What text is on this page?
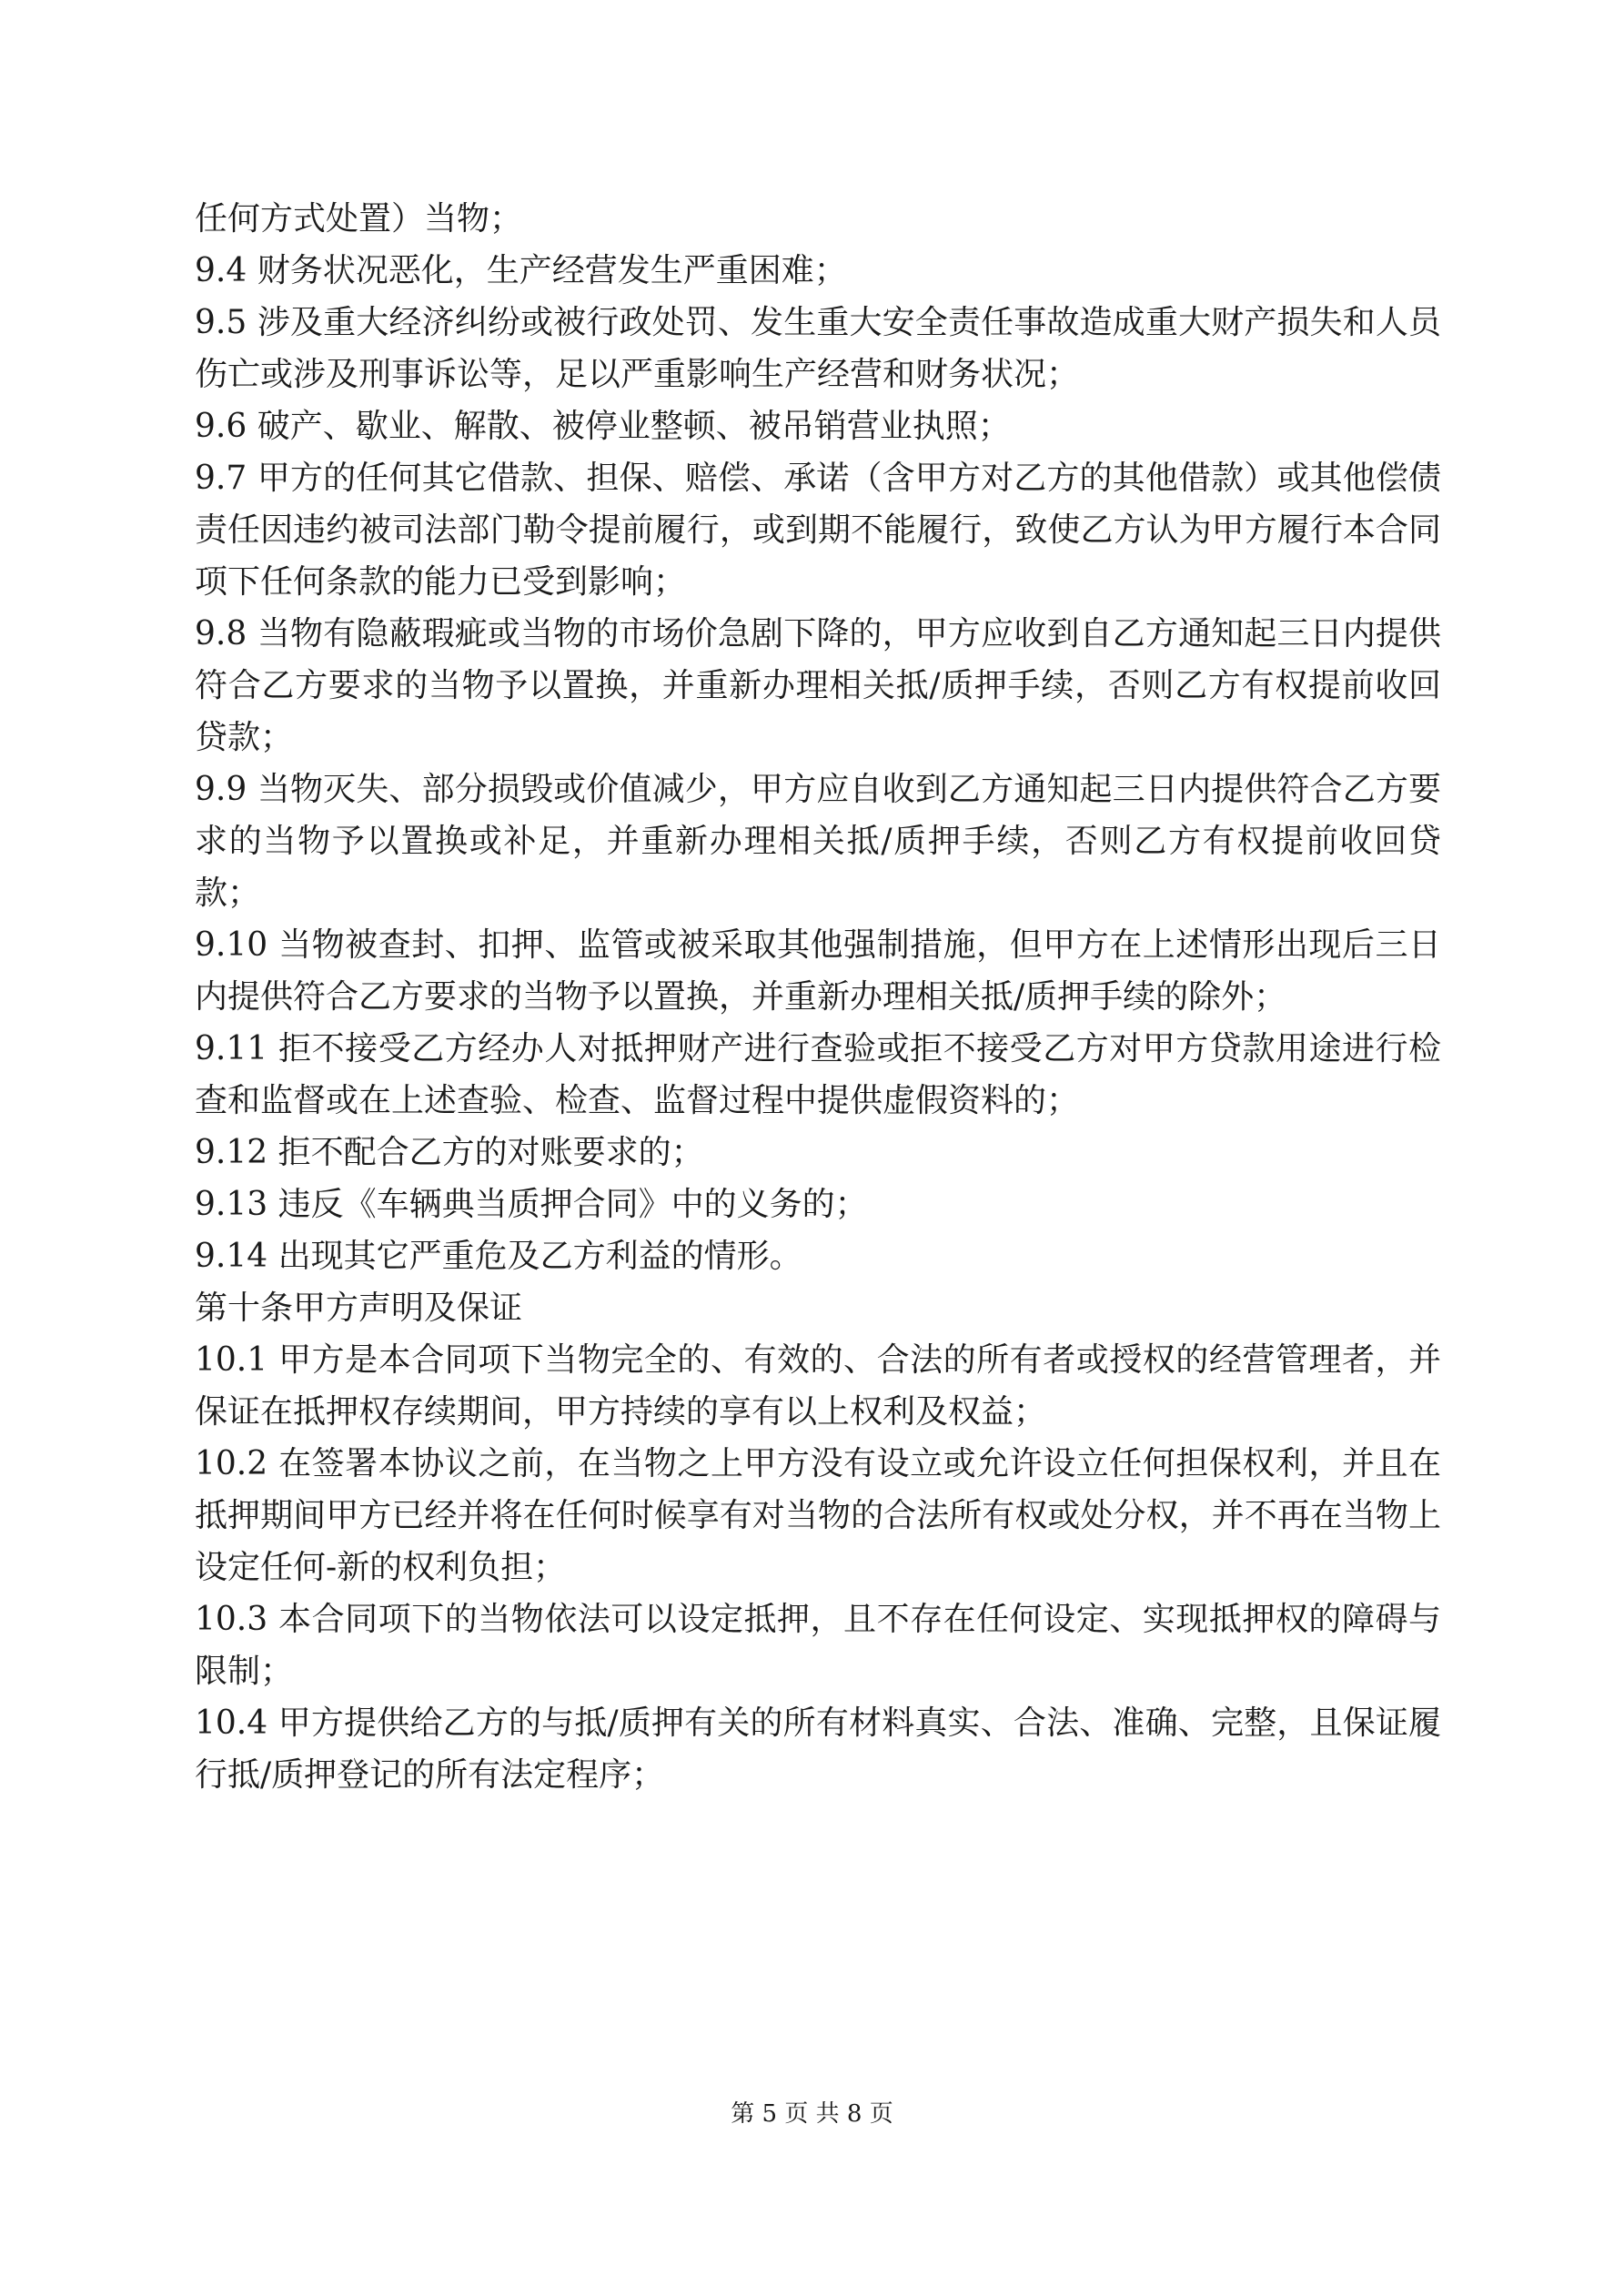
任何方式处置）当物；

9.4 财务状况恶化，生产经营发生严重困难；

9.5 涉及重大经济纠纷或被行政处罚、发生重大安全责任事故造成重大财产损失和人员伤亡或涉及刑事诉讼等，足以严重影响生产经营和财务状况；

9.6 破产、歇业、解散、被停业整顿、被吊销营业执照；

9.7 甲方的任何其它借款、担保、赔偿、承诺（含甲方对乙方的其他借款）或其他偿债责任因违约被司法部门勒令提前履行，或到期不能履行，致使乙方认为甲方履行本合同项下任何条款的能力已受到影响；

9.8 当物有隐蔽瑕疵或当物的市场价急剧下降的，甲方应收到自乙方通知起三日内提供符合乙方要求的当物予以置换，并重新办理相关抵/质押手续，否则乙方有权提前收回贷款；

9.9 当物灭失、部分损毁或价值减少，甲方应自收到乙方通知起三日内提供符合乙方要求的当物予以置换或补足，并重新办理相关抵/质押手续，否则乙方有权提前收回贷款；

9.10 当物被查封、扣押、监管或被采取其他强制措施，但甲方在上述情形出现后三日内提供符合乙方要求的当物予以置换，并重新办理相关抵/质押手续的除外；

9.11 拒不接受乙方经办人对抵押财产进行查验或拒不接受乙方对甲方贷款用途进行检查和监督或在上述查验、检查、监督过程中提供虚假资料的；

9.12 拒不配合乙方的对账要求的；

9.13 违反《车辆典当质押合同》中的义务的；

9.14 出现其它严重危及乙方利益的情形。

第十条甲方声明及保证

10.1 甲方是本合同项下当物完全的、有效的、合法的所有者或授权的经营管理者，并保证在抵押权存续期间，甲方持续的享有以上权利及权益；

10.2 在签署本协议之前，在当物之上甲方没有设立或允许设立任何担保权利，并且在抵押期间甲方已经并将在任何时候享有对当物的合法所有权或处分权，并不再在当物上设定任何-新的权利负担；

10.3 本合同项下的当物依法可以设定抵押，且不存在任何设定、实现抵押权的障碍与限制；

10.4 甲方提供给乙方的与抵/质押有关的所有材料真实、合法、准确、完整，且保证履行抵/质押登记的所有法定程序；

第 5 页 共 8 页
